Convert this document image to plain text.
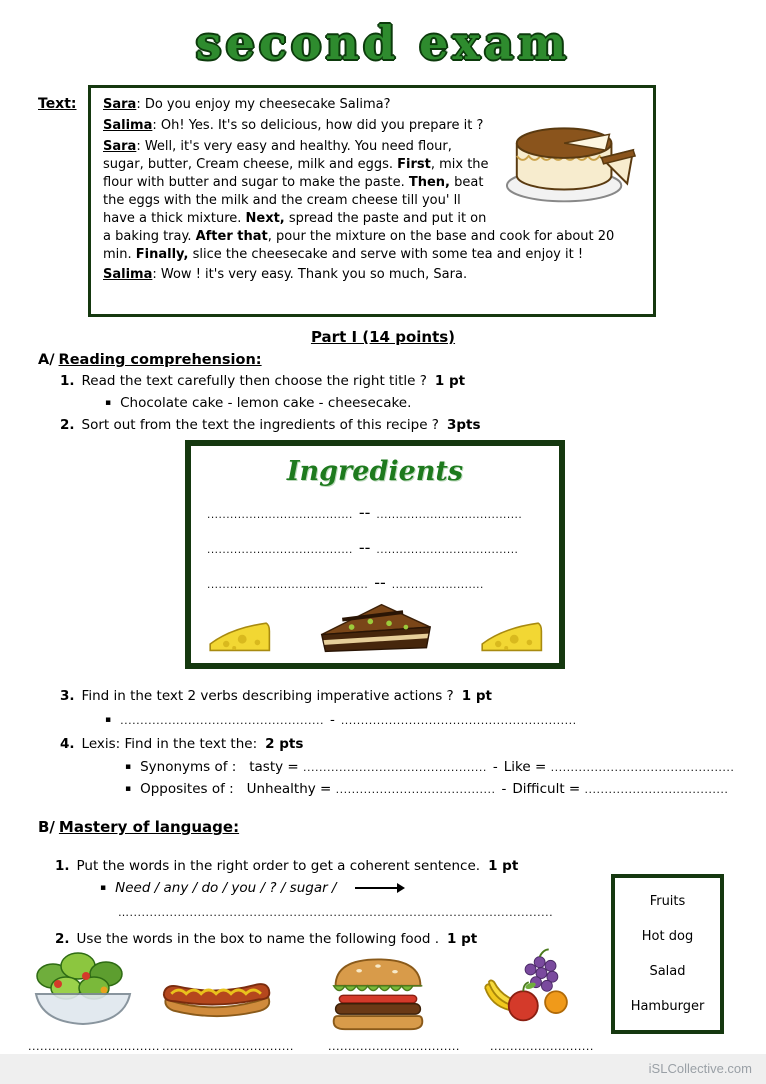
second exam
Text: Sara: Do you enjoy my cheesecake Salima?

Salima: Oh! Yes. It's so delicious, how did you prepare it ?

Sara: Well, it's very easy and healthy. You need flour, sugar, butter, Cream cheese, milk and eggs. First, mix the flour with butter and sugar to make the paste. Then, beat the eggs with the milk and the cream cheese till you' ll have a thick mixture. Next, spread the paste and put it on a baking tray. After that, pour the mixture on the base and cook for about 20 min. Finally, slice the cheesecake and serve with some tea and enjoy it !

Salima: Wow ! it's very easy. Thank you so much, Sara.

Part I (14 points)
A/ Reading comprehension:
1. Read the text carefully then choose the right title ? 1 pt
▪ Chocolate cake - lemon cake - cheesecake.
2. Sort out from the text the ingredients of this recipe ? 3pts
Ingredients
...................................... -- ......................................
...................................... -- .....................................
.......................................... -- ........................
3. Find in the text 2 verbs describing imperative actions ? 1 pt
▪ ................................................... - ...........................................................
4. Lexis: Find in the text the: 2 pts
▪ Synonyms of : tasty = .............................................. - Like = ..............................................
▪ Opposites of : Unhealthy = ........................................ - Difficult = ....................................
B/ Mastery of language:
1. Put the words in the right order to get a coherent sentence. 1 pt
▪ Need / any / do / you / ? / sugar /
…..........................................................................................................
2. Use the words in the box to name the following food . 1 pt
Fruits
Hot dog
Salad
Hamburger
................................. .................................	.................................	..........................
iSLCollective.com
